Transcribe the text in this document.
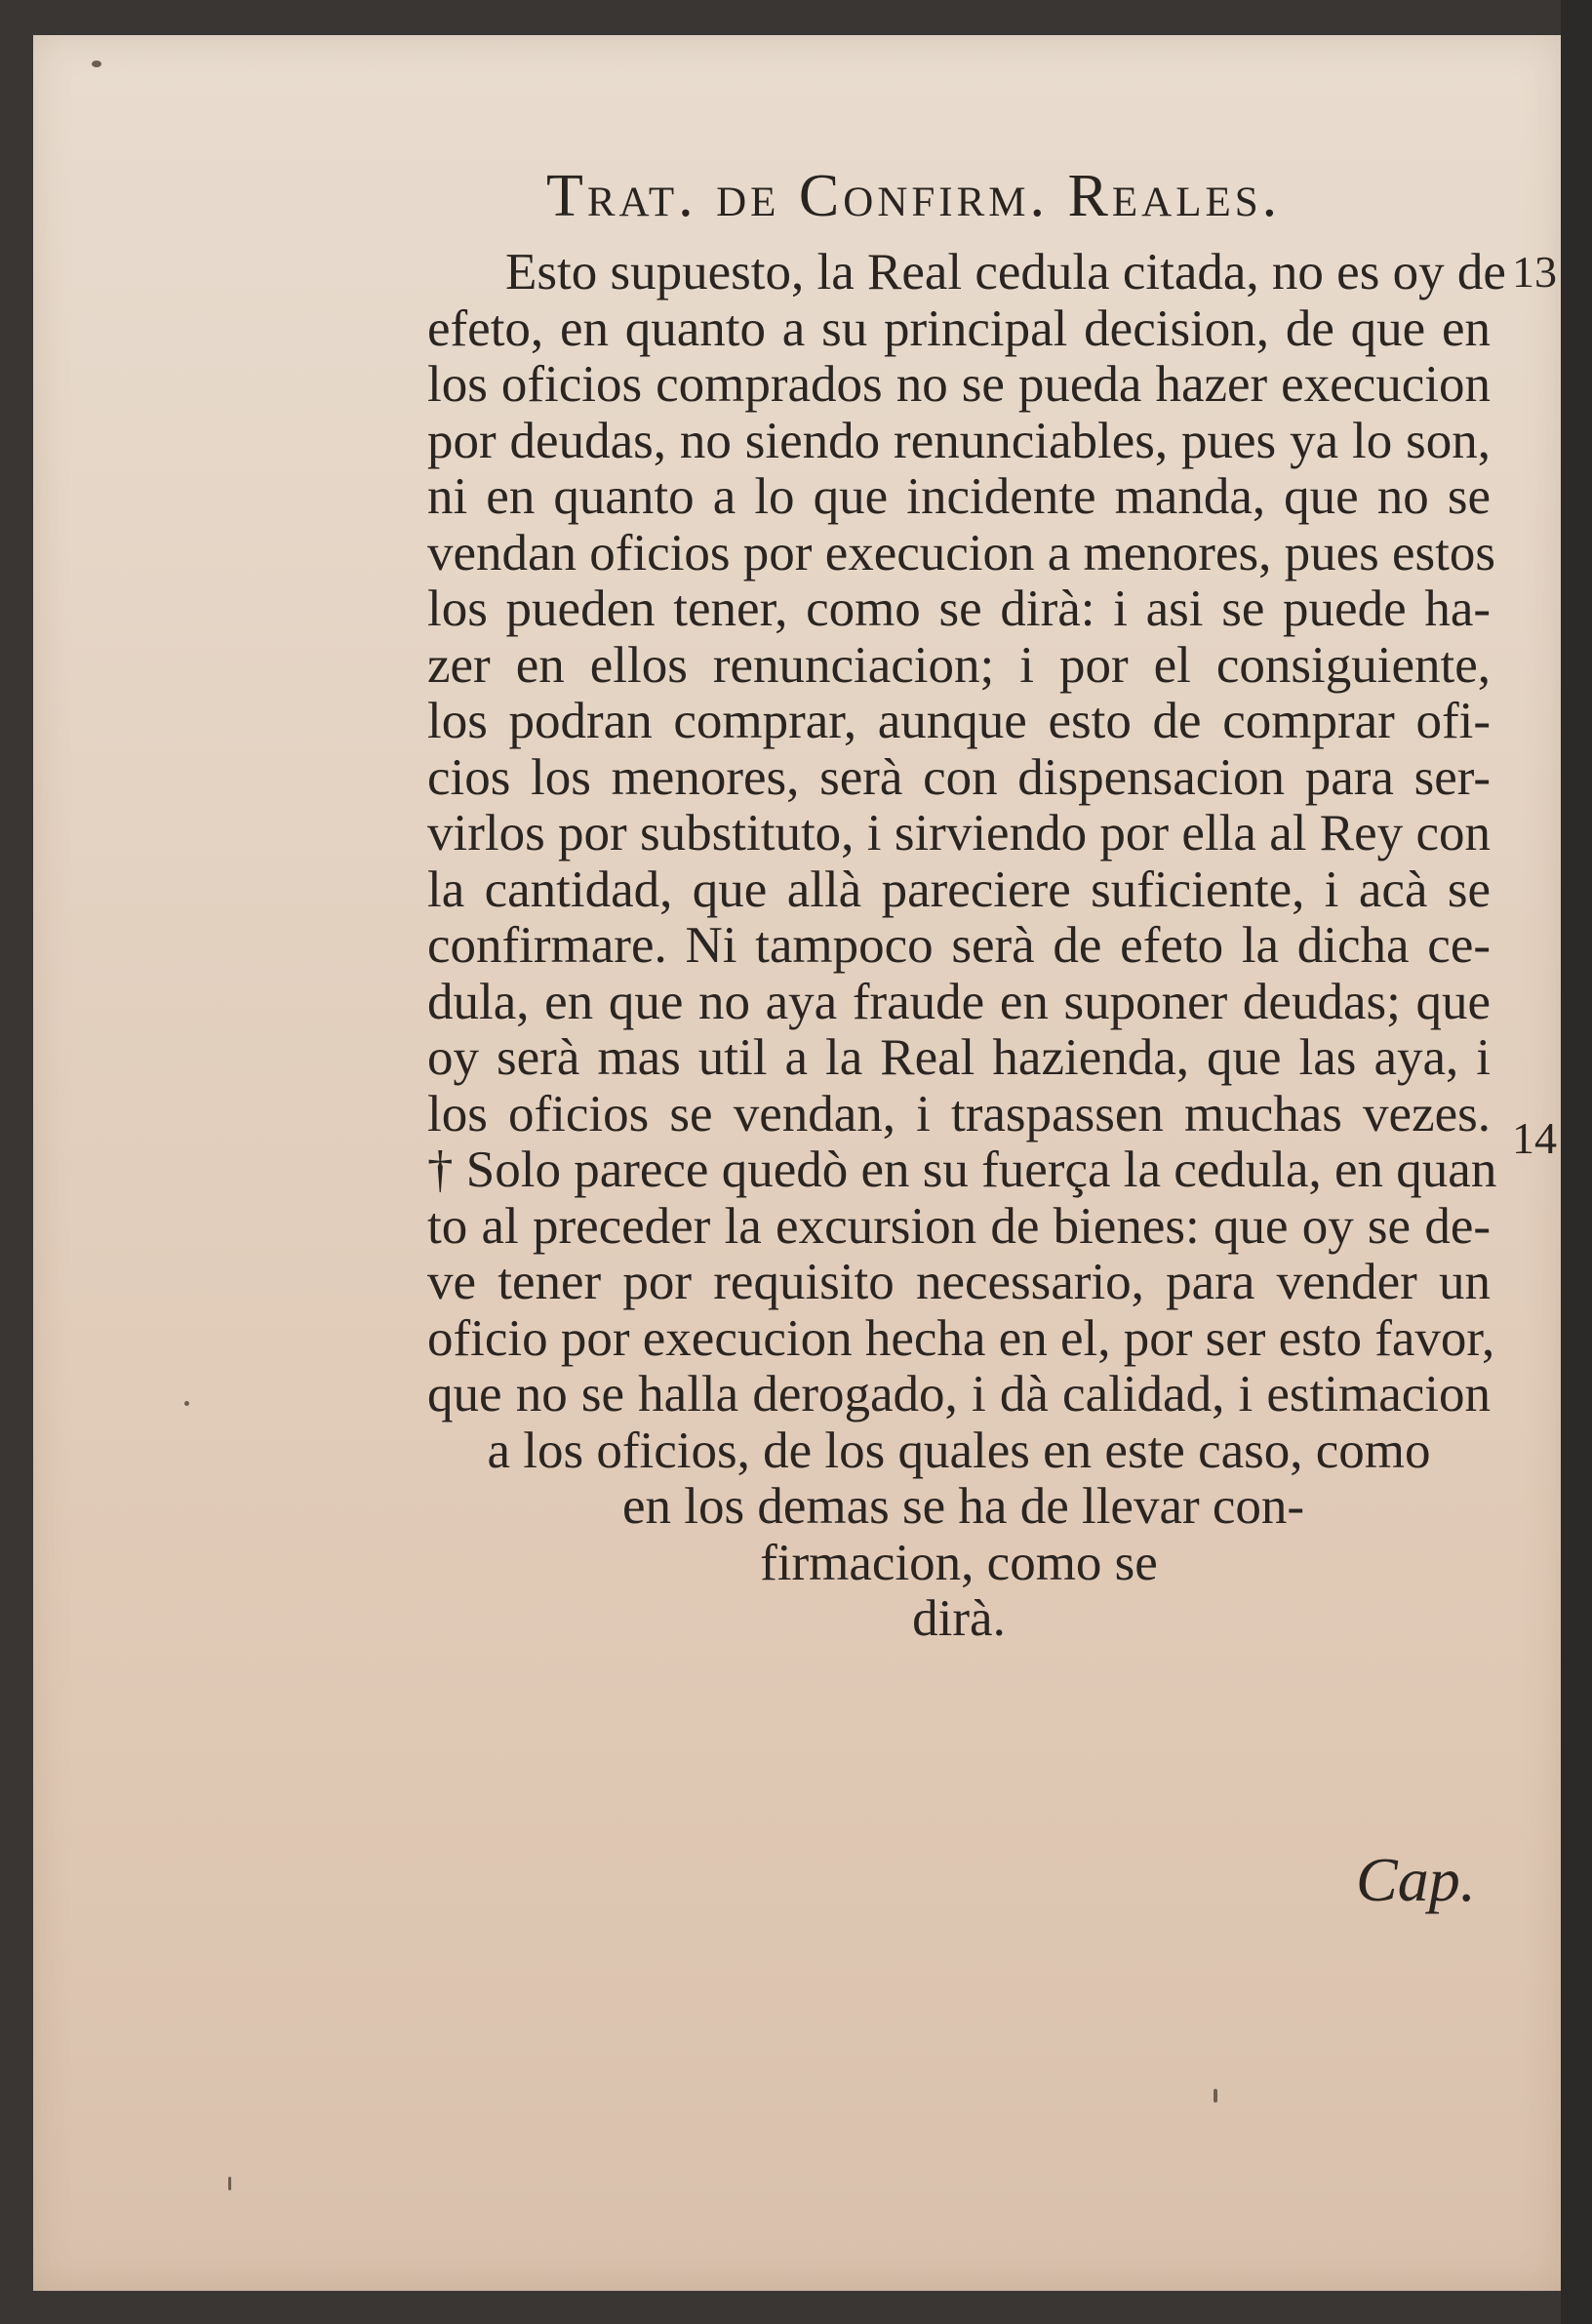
Trat. de Confirm. Reales.
13
14
Esto supuesto, la Real cedula citada, no es oy de
efeto, en quanto a su principal decision, de que en
los oficios comprados no se pueda hazer execucion
por deudas, no siendo renunciables, pues ya lo son,
ni en quanto a lo que incidente manda, que no se
vendan oficios por execucion a menores, pues estos
los pueden tener, como se dirà: i asi se puede ha-
zer en ellos renunciacion; i por el consiguiente,
los podran comprar, aunque esto de comprar ofi-
cios los menores, serà con dispensacion para ser-
virlos por substituto, i sirviendo por ella al Rey con
la cantidad, que allà pareciere suficiente, i acà se
confirmare. Ni tampoco serà de efeto la dicha ce-
dula, en que no aya fraude en suponer deudas; que
oy serà mas util a la Real hazienda, que las aya, i
los oficios se vendan, i traspassen muchas vezes.
† Solo parece quedò en su fuerça la cedula, en quan
to al preceder la excursion de bienes: que oy se de-
ve tener por requisito necessario, para vender un
oficio por execucion hecha en el, por ser esto favor,
que no se halla derogado, i dà calidad, i estimacion
a los oficios, de los quales en este caso, como
en los demas se ha de llevar con-
firmacion, como se
dirà.
Cap.
